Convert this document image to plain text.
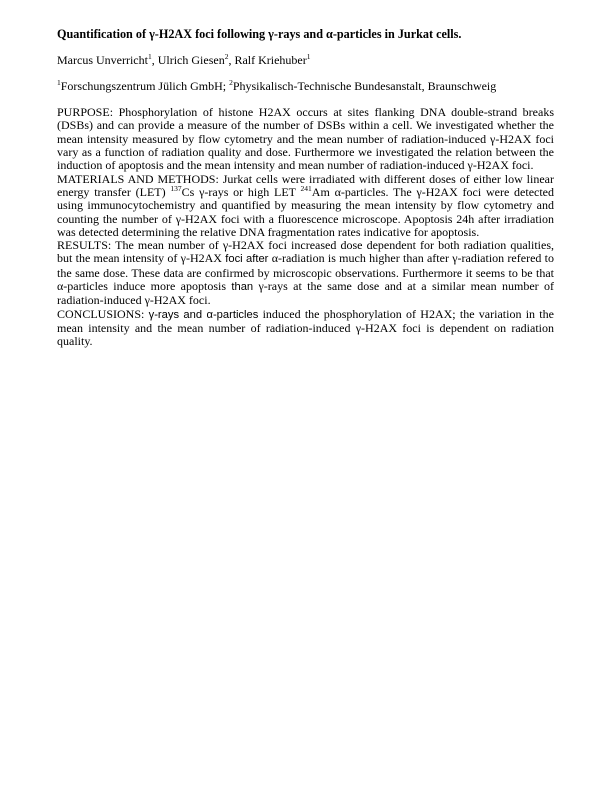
Quantification of γ-H2AX foci following γ-rays and α-particles in Jurkat cells.
Marcus Unverricht$^1$, Ulrich Giesen$^2$, Ralf Kriehuber$^1$
$^1$Forschungszentrum Jülich GmbH; $^2$Physikalisch-Technische Bundesanstalt, Braunschweig

PURPOSE: Phosphorylation of histone H2AX occurs at sites flanking DNA double-strand breaks (DSBs) and can provide a measure of the number of DSBs within a cell. We investigated whether the mean intensity measured by flow cytometry and the mean number of radiation-induced γ-H2AX foci vary as a function of radiation quality and dose. Furthermore we investigated the relation between the induction of apoptosis and the mean intensity and mean number of radiation-induced γ-H2AX foci.

MATERIALS AND METHODS: Jurkat cells were irradiated with different doses of either low linear energy transfer (LET) $^{137}$Cs γ-rays or high LET $^{241}$Am α-particles. The γ-H2AX foci were detected using immunocytochemistry and quantified by measuring the mean intensity by flow cytometry and counting the number of γ-H2AX foci with a fluorescence microscope. Apoptosis 24h after irradiation was detected determining the relative DNA fragmentation rates indicative for apoptosis.

RESULTS: The mean number of γ-H2AX foci increased dose dependent for both radiation qualities, but the mean intensity of γ-H2AX foci after α-radiation is much higher than after γ-radiation refered to the same dose. These data are confirmed by microscopic observations. Furthermore it seems to be that α-particles induce more apoptosis than γ-rays at the same dose and at a similar mean number of radiation-induced γ-H2AX foci.

CONCLUSIONS: γ-rays and α-particles induced the phosphorylation of H2AX; the variation in the mean intensity and the mean number of radiation-induced γ-H2AX foci is dependent on radiation quality.
